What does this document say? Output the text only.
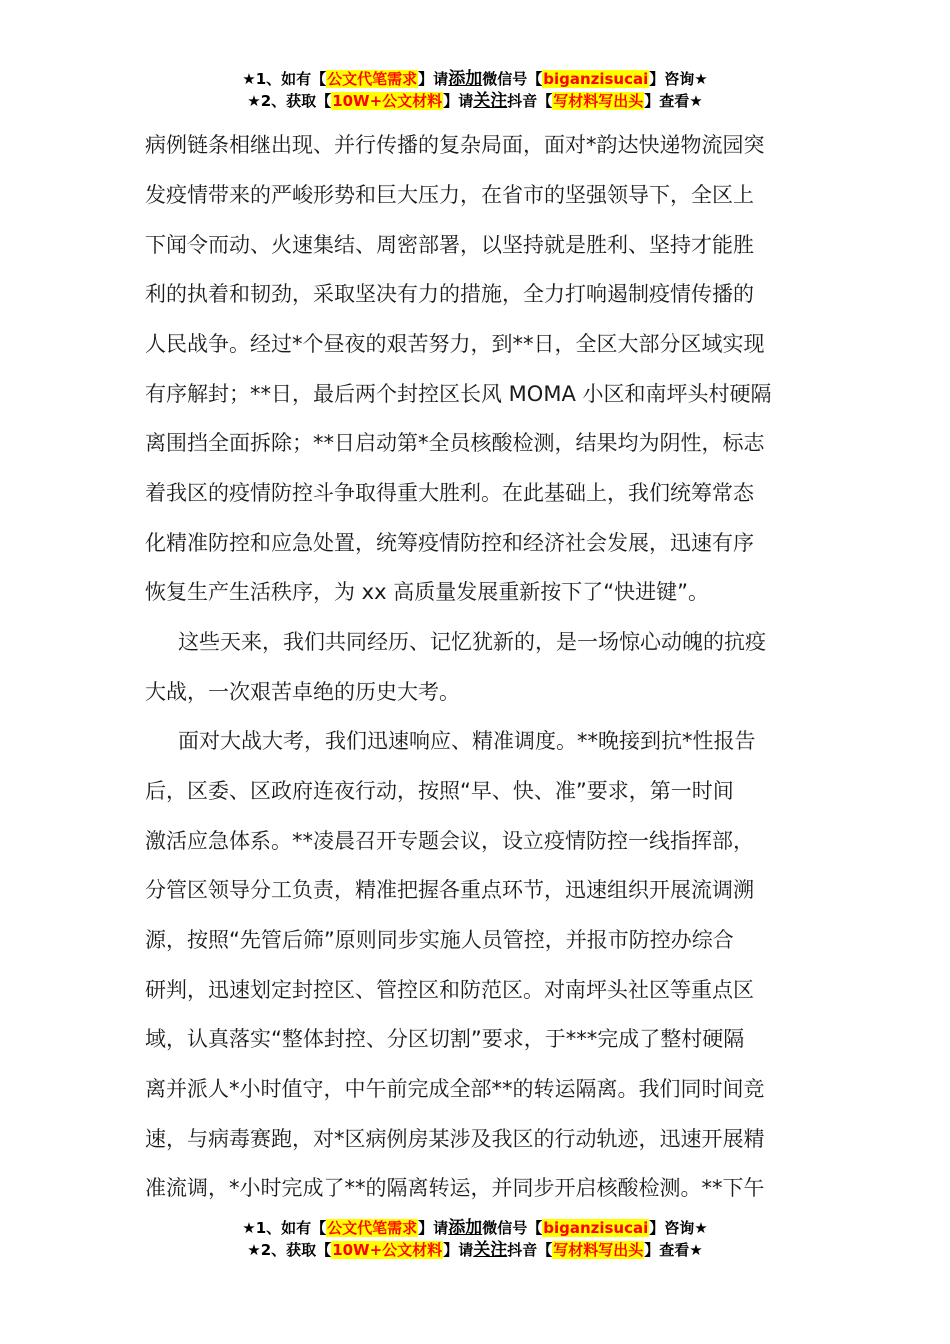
★1、如有【公文代笔需求】请添加微信号【biganzisucai】咨询★
★2、获取【10W+公文材料】请关注抖音【写材料写出头】查看★
病例链条相继出现、并行传播的复杂局面，面对*韵达快递物流园突
发疫情带来的严峻形势和巨大压力，在省市的坚强领导下，全区上
下闻令而动、火速集结、周密部署，以坚持就是胜利、坚持才能胜
利的执着和韧劲，采取坚决有力的措施，全力打响遏制疫情传播的
人民战争。经过*个昼夜的艰苦努力，到**日，全区大部分区域实现
有序解封；**日，最后两个封控区长风 MOMA 小区和南坪头村硬隔
离围挡全面拆除；**日启动第*全员核酸检测，结果均为阴性，标志
着我区的疫情防控斗争取得重大胜利。在此基础上，我们统筹常态
化精准防控和应急处置，统筹疫情防控和经济社会发展，迅速有序
恢复生产生活秩序，为 xx 高质量发展重新按下了“快进键”。
这些天来，我们共同经历、记忆犹新的，是一场惊心动魄的抗疫
大战，一次艰苦卓绝的历史大考。
面对大战大考，我们迅速响应、精准调度。**晚接到抗*性报告
后，区委、区政府连夜行动，按照“早、快、准”要求，第一时间
激活应急体系。**凌晨召开专题会议，设立疫情防控一线指挥部，
分管区领导分工负责，精准把握各重点环节，迅速组织开展流调溯
源，按照“先管后筛”原则同步实施人员管控，并报市防控办综合
研判，迅速划定封控区、管控区和防范区。对南坪头社区等重点区
域，认真落实“整体封控、分区切割”要求，于***完成了整村硬隔
离并派人*小时值守，中午前完成全部**的转运隔离。我们同时间竞
速，与病毒赛跑，对*区病例房某涉及我区的行动轨迹，迅速开展精
准流调，*小时完成了**的隔离转运，并同步开启核酸检测。**下午
★1、如有【公文代笔需求】请添加微信号【biganzisucai】咨询★
★2、获取【10W+公文材料】请关注抖音【写材料写出头】查看★
